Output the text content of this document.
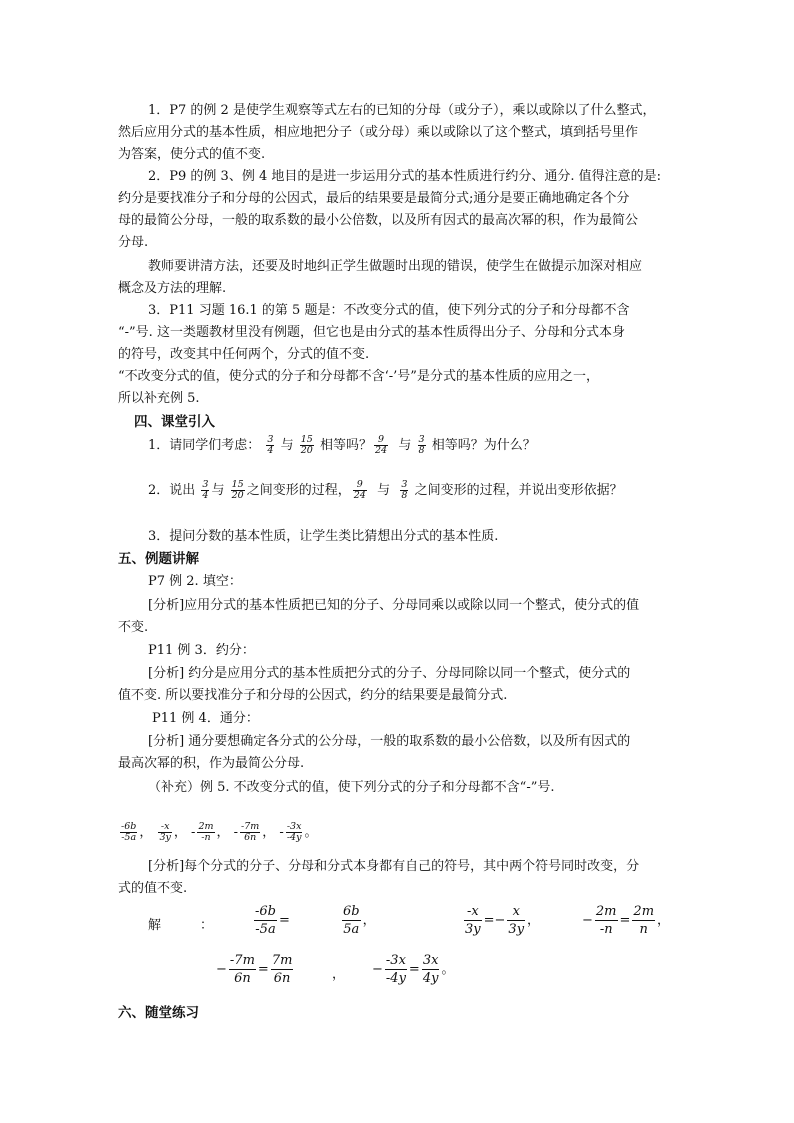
1．P7 的例 2 是使学生观察等式左右的已知的分母（或分子），乘以或除以了什么整式，
然后应用分式的基本性质，相应地把分子（或分母）乘以或除以了这个整式，填到括号里作
为答案，使分式的值不变.
2．P9 的例 3、例 4 地目的是进一步运用分式的基本性质进行约分、通分. 值得注意的是:
约分是要找准分子和分母的公因式，最后的结果要是最简分式;通分是要正确地确定各个分
母的最简公分母，一般的取系数的最小公倍数，以及所有因式的最高次幂的积，作为最简公
分母.
教师要讲清方法，还要及时地纠正学生做题时出现的错误，使学生在做提示加深对相应
概念及方法的理解.
3．P11 习题 16.1 的第 5 题是：不改变分式的值，使下列分式的分子和分母都不含
“-”号. 这一类题教材里没有例题，但它也是由分式的基本性质得出分子、分母和分式本身
的符号，改变其中任何两个，分式的值不变.
“不改变分式的值，使分式的分子和分母都不含‘-’号”是分式的基本性质的应用之一，
所以补充例 5.
四、课堂引入
1．请同学们考虑： $\frac{3}{4}$ 与 $\frac{15}{20}$ 相等吗？ $\frac{9}{24}$ 与 $\frac{3}{8}$ 相等吗？为什么？
2．说出 $\frac{3}{4}$ 与 $\frac{15}{20}$ 之间变形的过程， $\frac{9}{24}$ 与 $\frac{3}{8}$ 之间变形的过程，并说出变形依据？
3．提问分数的基本性质，让学生类比猜想出分式的基本性质.
五、例题讲解
P7 例 2. 填空：
[分析]应用分式的基本性质把已知的分子、分母同乘以或除以同一个整式，使分式的值
不变.
P11 例 3．约分：
[分析] 约分是应用分式的基本性质把分式的分子、分母同除以同一个整式，使分式的
值不变. 所以要找准分子和分母的公因式，约分的结果要是最简分式.
P11 例 4．通分：
[分析] 通分要想确定各分式的公分母，一般的取系数的最小公倍数，以及所有因式的
最高次幂的积，作为最简公分母.
（补充）例 5. 不改变分式的值，使下列分式的分子和分母都不含“-”号.
$\frac{-6b}{-5a}$ ， $\frac{-x}{3y}$ ， - $\frac{2m}{-n}$ ， - $\frac{-7m}{6n}$ ， - $\frac{-3x}{-4y}$ 。
[分析]每个分式的分子、分母和分式本身都有自己的符号，其中两个符号同时改变，分
式的值不变.
解	：	$\frac{-6b}{-5a}$ =	$\frac{6b}{5a}$ ，	$\frac{-x}{3y} =- \frac{x}{3y}$ ，	− $\frac{2m}{-n} = \frac{2m}{n}$ ，
− $\frac{-7m}{6n} = \frac{7m}{6n}$	， − $\frac{-3x}{-4y} = \frac{3x}{4y}$ 。
六、随堂练习
